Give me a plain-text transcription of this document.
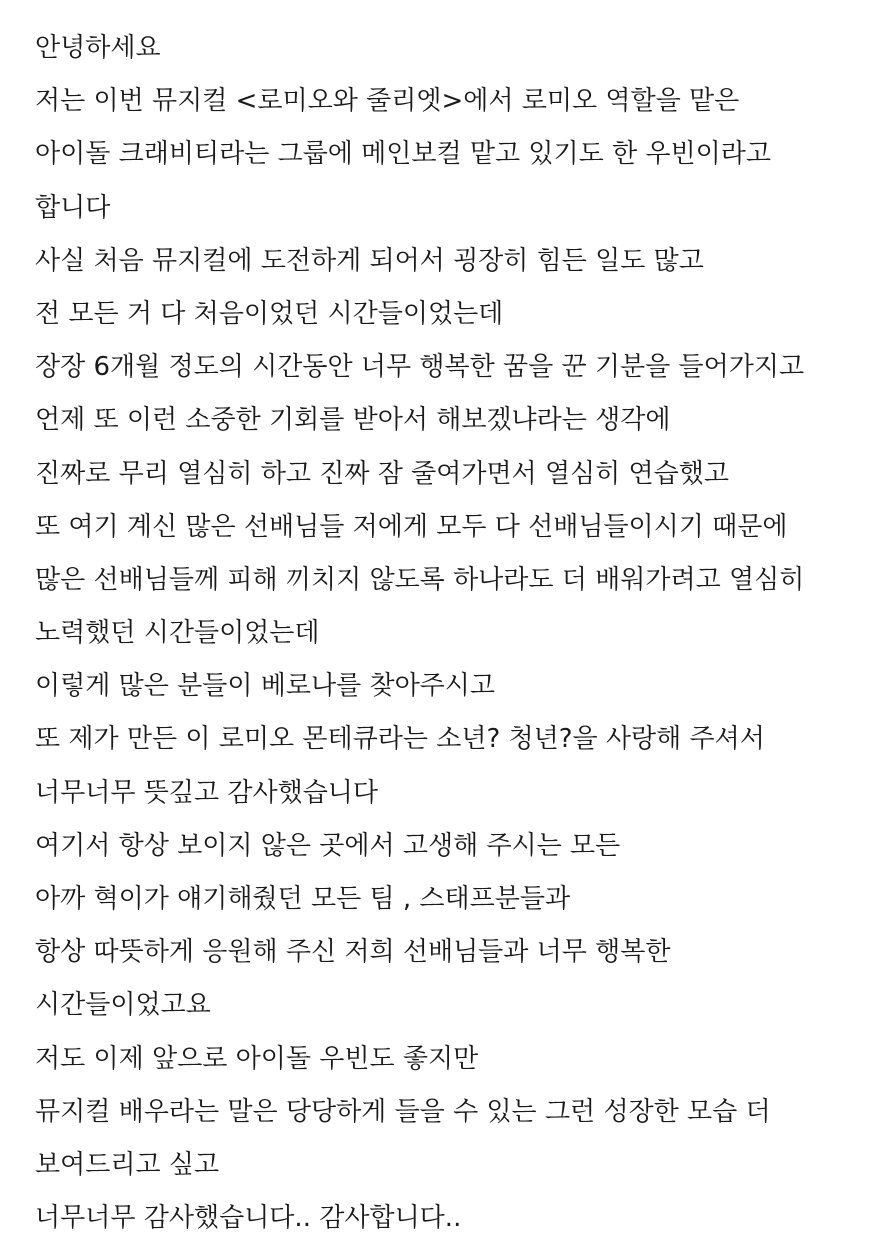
안녕하세요
저는 이번 뮤지컬 <로미오와 줄리엣>에서 로미오 역할을 맡은
아이돌 크래비티라는 그룹에 메인보컬 맡고 있기도 한 우빈이라고
합니다
사실 처음 뮤지컬에 도전하게 되어서 굉장히 힘든 일도 많고
전 모든 거 다 처음이었던 시간들이었는데
장장 6개월 정도의 시간동안 너무 행복한 꿈을 꾼 기분을 들어가지고
언제 또 이런 소중한 기회를 받아서 해보겠냐라는 생각에
진짜로 무리 열심히 하고 진짜 잠 줄여가면서 열심히 연습했고
또 여기 계신 많은 선배님들 저에게 모두 다 선배님들이시기 때문에
많은 선배님들께 피해 끼치지 않도록 하나라도 더 배워가려고 열심히
노력했던 시간들이었는데
이렇게 많은 분들이 베로나를 찾아주시고
또 제가 만든 이 로미오 몬테큐라는 소년? 청년?을 사랑해 주셔서
너무너무 뜻깊고 감사했습니다
여기서 항상 보이지 않은 곳에서 고생해 주시는 모든
아까 혁이가 얘기해줬던 모든 팀 , 스태프분들과
항상 따뜻하게 응원해 주신 저희 선배님들과 너무 행복한
시간들이었고요
저도 이제 앞으로 아이돌 우빈도 좋지만
뮤지컬 배우라는 말은 당당하게 들을 수 있는 그런 성장한 모습 더
보여드리고 싶고
너무너무 감사했습니다.. 감사합니다..
